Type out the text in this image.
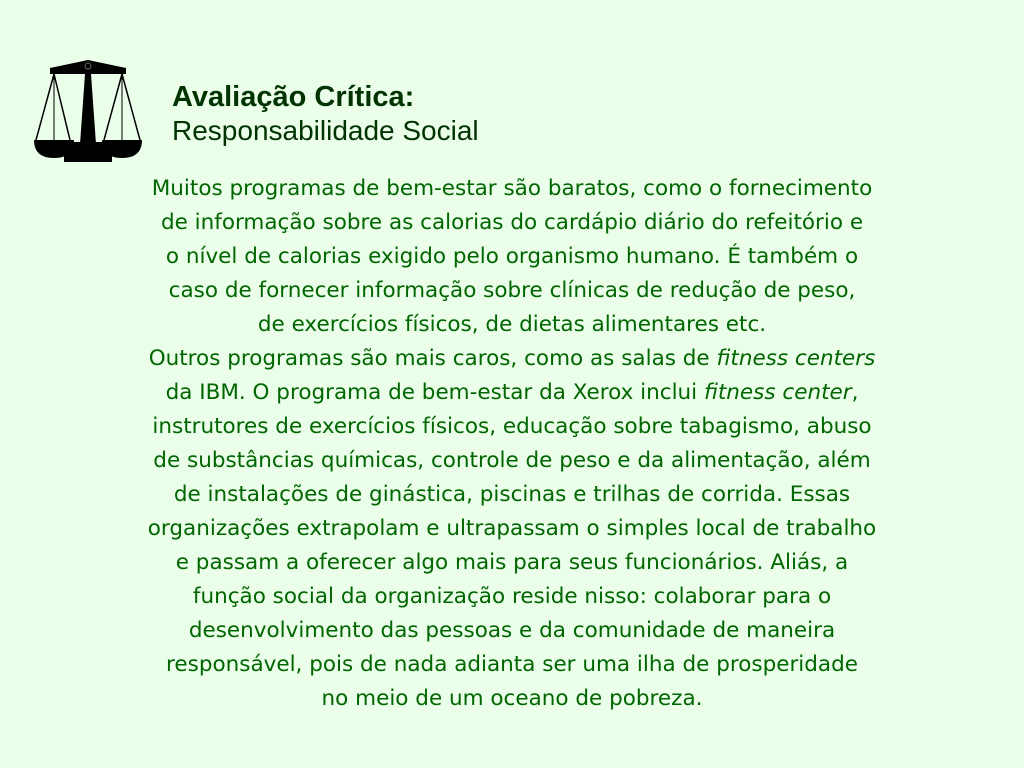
Avaliação Crítica:
Responsabilidade Social
Muitos programas de bem-estar são baratos, como o fornecimento
de informação sobre as calorias do cardápio diário do refeitório e
o nível de calorias exigido pelo organismo humano. É também o
caso de fornecer informação sobre clínicas de redução de peso,
de exercícios físicos, de dietas alimentares etc.
Outros programas são mais caros, como as salas de fitness centers
da IBM. O programa de bem-estar da Xerox inclui fitness center,
instrutores de exercícios físicos, educação sobre tabagismo, abuso
de substâncias químicas, controle de peso e da alimentação, além
de instalações de ginástica, piscinas e trilhas de corrida. Essas
organizações extrapolam e ultrapassam o simples local de trabalho
e passam a oferecer algo mais para seus funcionários. Aliás, a
função social da organização reside nisso: colaborar para o
desenvolvimento das pessoas e da comunidade de maneira
responsável, pois de nada adianta ser uma ilha de prosperidade
no meio de um oceano de pobreza.
